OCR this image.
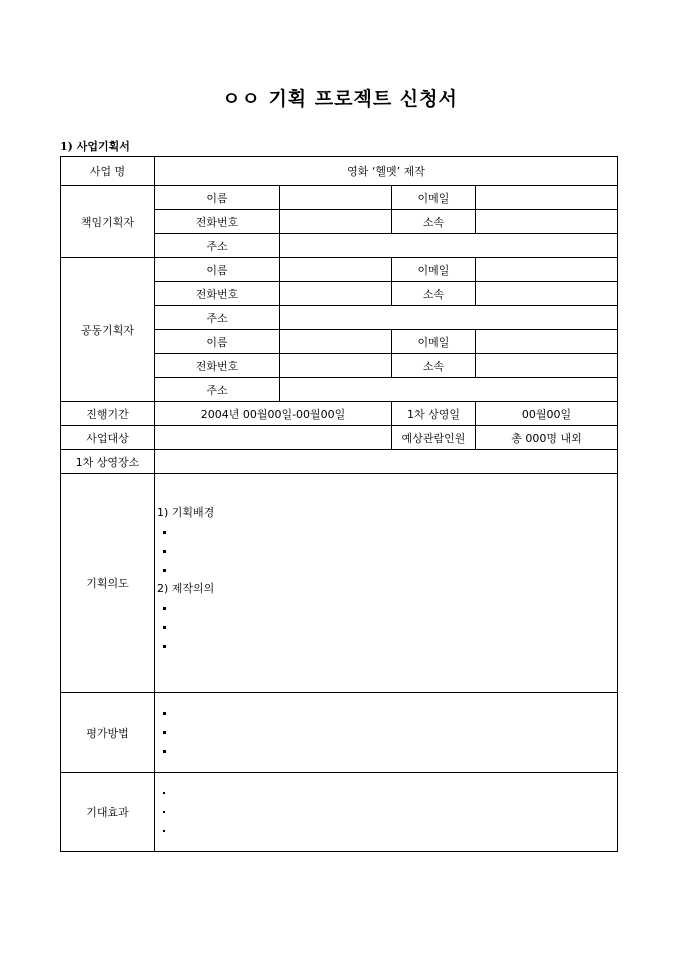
ㅇㅇ 기획 프로젝트 신청서
1) 사업기획서
사업 명	영화 ‘헬멧’ 제작			
책임기획자	이름		이메일	
	전화번호		소속	
	주소			
공동기획자	이름		이메일	
	전화번호		소속	
	주소			
	이름		이메일	
	전화번호		소속	
	주소			
진행기간	2004년 00월00일-00월00일		1차 상영일	00월00일
사업대상			예상관람인원	총 000명 내외
1차 상영장소				
기획의도	1) 기획배경
2) 제작의의			

평가방법				

기대효과				
